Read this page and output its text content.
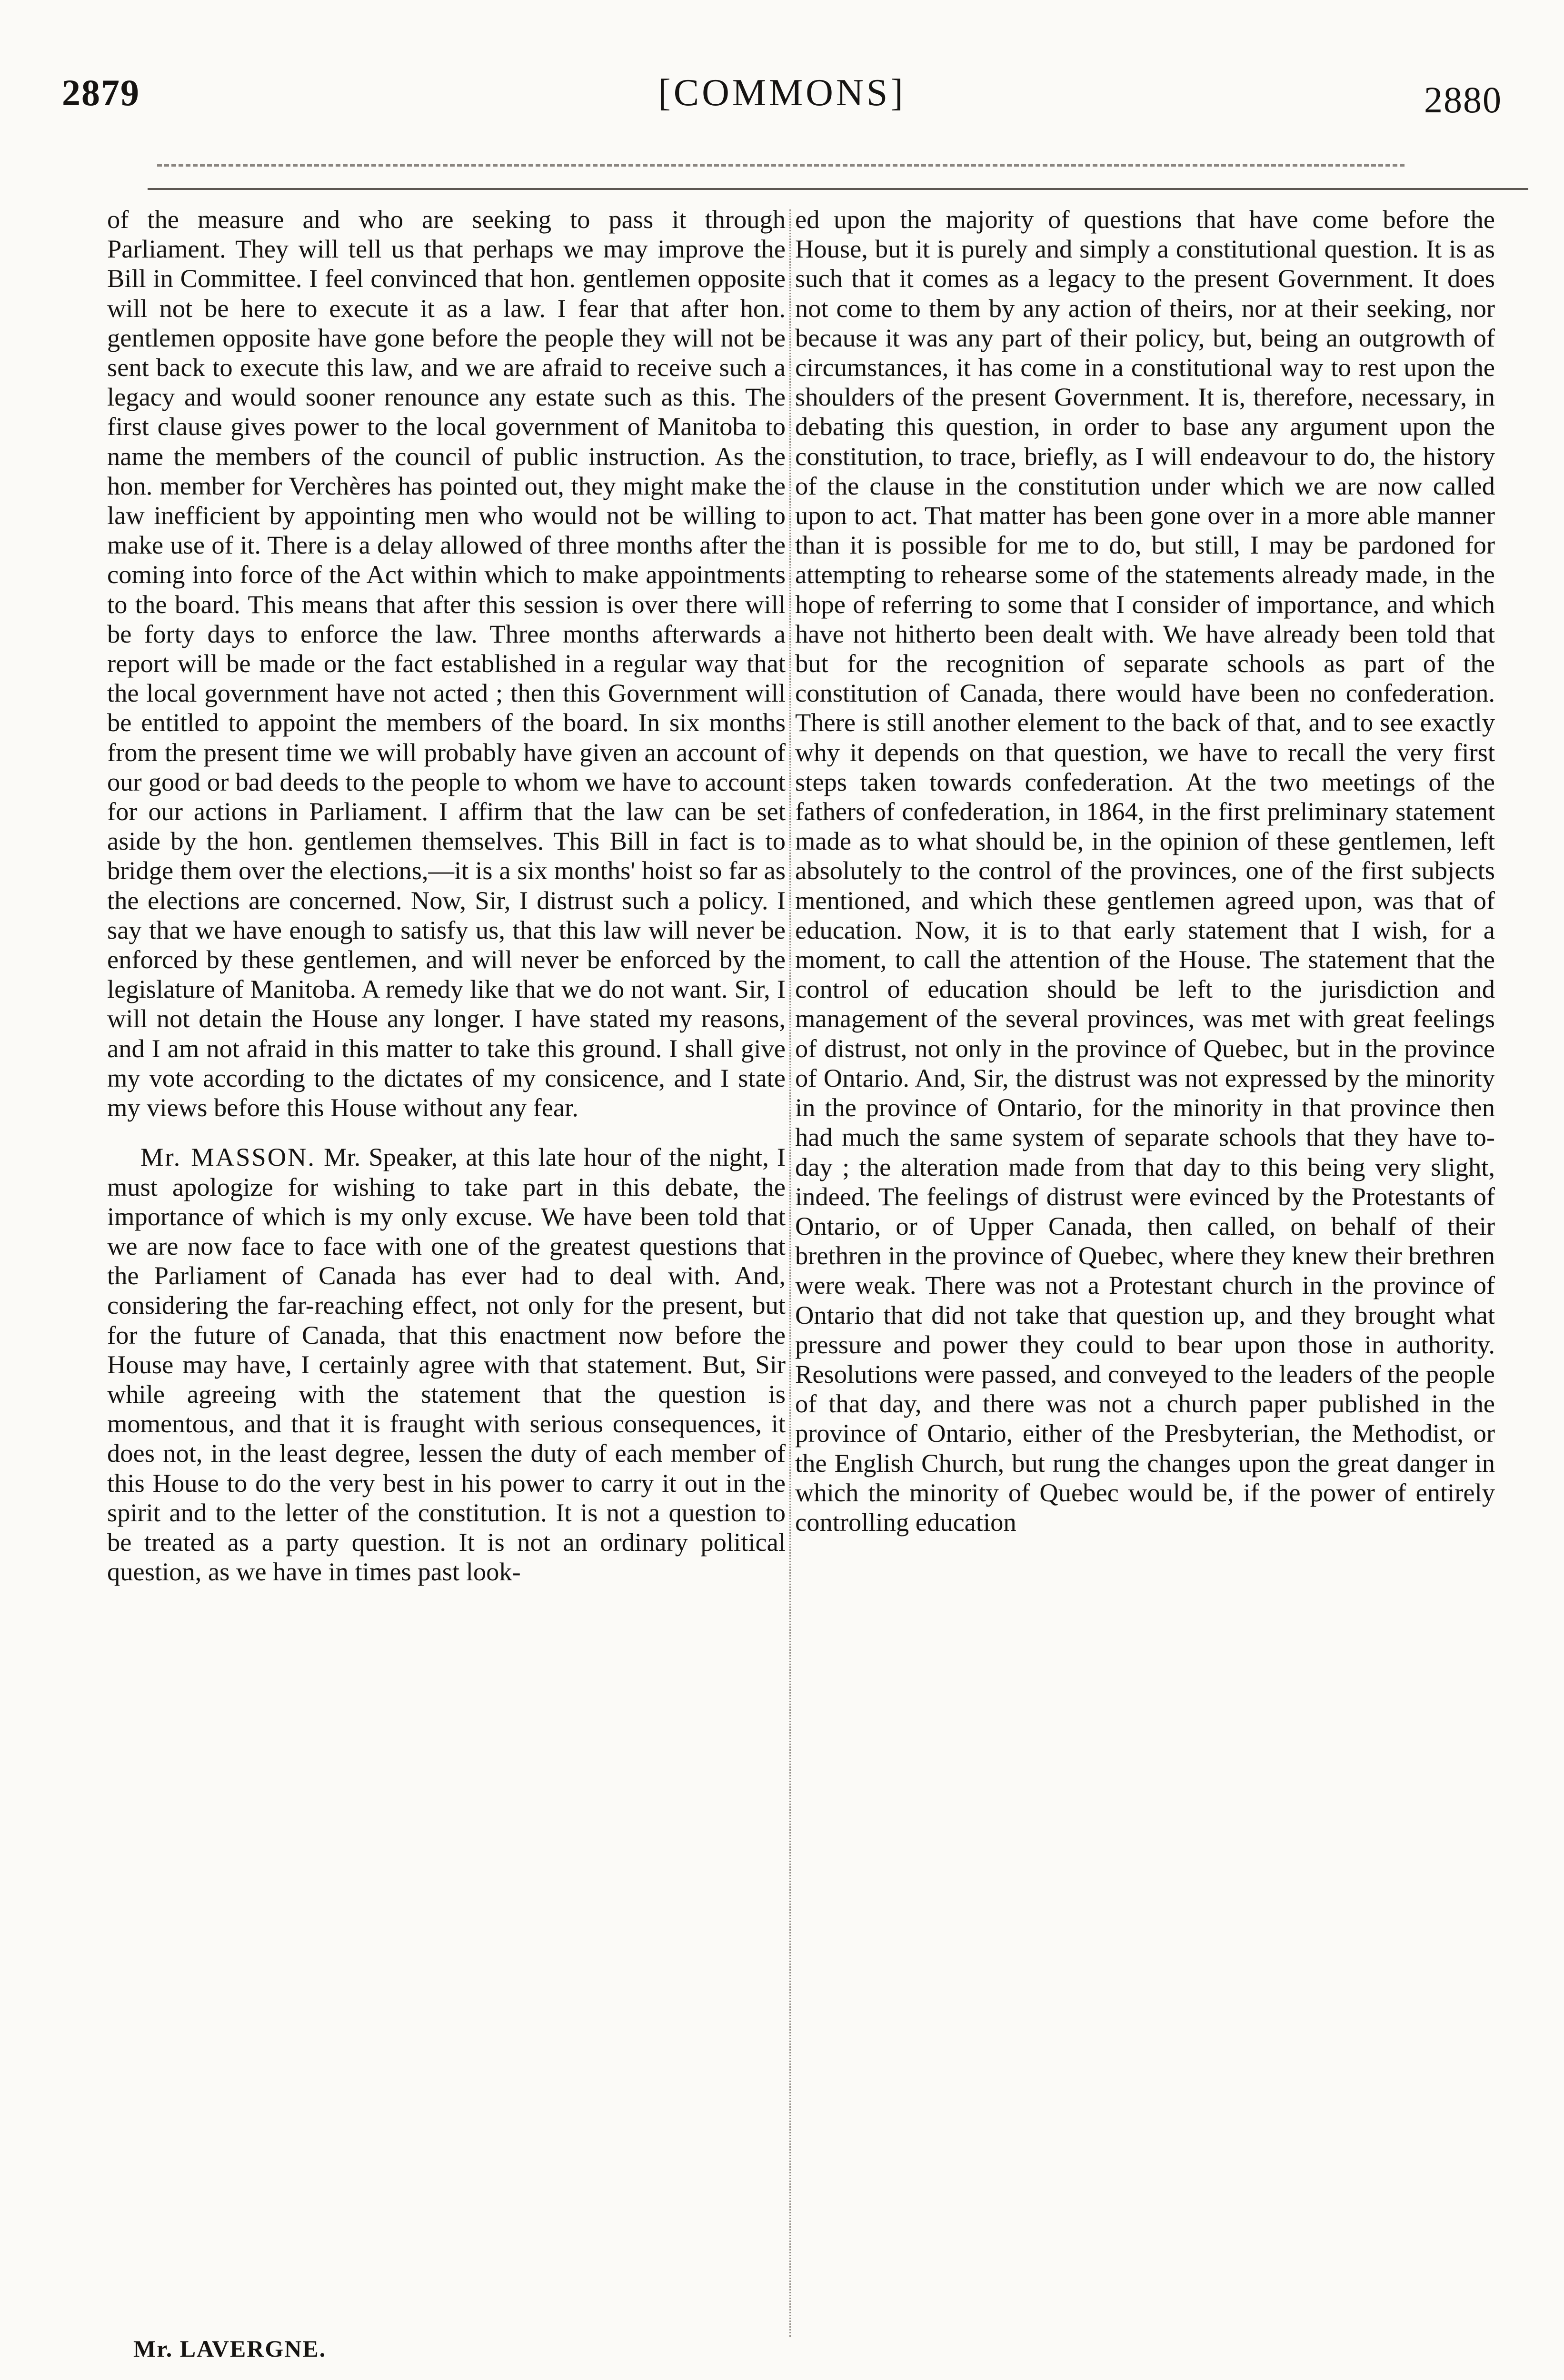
2879	[COMMONS]	2880

of the measure and who are seeking to pass it through Parliament. They will tell us that perhaps we may improve the Bill in Committee. I feel convinced that hon. gentlemen opposite will not be here to execute it as a law. I fear that after hon. gentlemen opposite have gone before the people they will not be sent back to execute this law, and we are afraid to receive such a legacy and would sooner renounce any estate such as this. The first clause gives power to the local government of Manitoba to name the members of the council of public instruction. As the hon. member for Verchères has pointed out, they might make the law inefficient by appointing men who would not be willing to make use of it. There is a delay allowed of three months after the coming into force of the Act within which to make appointments to the board. This means that after this session is over there will be forty days to enforce the law. Three months afterwards a report will be made or the fact established in a regular way that the local government have not acted ; then this Government will be entitled to appoint the members of the board. In six months from the present time we will probably have given an account of our good or bad deeds to the people to whom we have to account for our actions in Parliament. I affirm that the law can be set aside by the hon. gentlemen themselves. This Bill in fact is to bridge them over the elections,—it is a six months' hoist so far as the elections are concerned. Now, Sir, I distrust such a policy. I say that we have enough to satisfy us, that this law will never be enforced by these gentlemen, and will never be enforced by the legislature of Manitoba. A remedy like that we do not want. Sir, I will not detain the House any longer. I have stated my reasons, and I am not afraid in this matter to take this ground. I shall give my vote according to the dictates of my consicence, and I state my views before this House without any fear.

Mr. MASSON. Mr. Speaker, at this late hour of the night, I must apologize for wishing to take part in this debate, the importance of which is my only excuse. We have been told that we are now face to face with one of the greatest questions that the Parliament of Canada has ever had to deal with. And, considering the far-reaching effect, not only for the present, but for the future of Canada, that this enactment now before the House may have, I certainly agree with that statement. But, Sir while agreeing with the statement that the question is momentous, and that it is fraught with serious consequences, it does not, in the least degree, lessen the duty of each member of this House to do the very best in his power to carry it out in the spirit and to the letter of the constitution. It is not a question to be treated as a party question. It is not an ordinary political question, as we have in times past look-

ed upon the majority of questions that have come before the House, but it is purely and simply a constitutional question. It is as such that it comes as a legacy to the present Government. It does not come to them by any action of theirs, nor at their seeking, nor because it was any part of their policy, but, being an outgrowth of circumstances, it has come in a constitutional way to rest upon the shoulders of the present Government. It is, therefore, necessary, in debating this question, in order to base any argument upon the constitution, to trace, briefly, as I will endeavour to do, the history of the clause in the constitution under which we are now called upon to act. That matter has been gone over in a more able manner than it is possible for me to do, but still, I may be pardoned for attempting to rehearse some of the statements already made, in the hope of referring to some that I consider of importance, and which have not hitherto been dealt with. We have already been told that but for the recognition of separate schools as part of the constitution of Canada, there would have been no confederation. There is still another element to the back of that, and to see exactly why it depends on that question, we have to recall the very first steps taken towards confederation. At the two meetings of the fathers of confederation, in 1864, in the first preliminary statement made as to what should be, in the opinion of these gentlemen, left absolutely to the control of the provinces, one of the first subjects mentioned, and which these gentlemen agreed upon, was that of education. Now, it is to that early statement that I wish, for a moment, to call the attention of the House. The statement that the control of education should be left to the jurisdiction and management of the several provinces, was met with great feelings of distrust, not only in the province of Quebec, but in the province of Ontario. And, Sir, the distrust was not expressed by the minority in the province of Ontario, for the minority in that province then had much the same system of separate schools that they have to-day ; the alteration made from that day to this being very slight, indeed. The feelings of distrust were evinced by the Protestants of Ontario, or of Upper Canada, then called, on behalf of their brethren in the province of Quebec, where they knew their brethren were weak. There was not a Protestant church in the province of Ontario that did not take that question up, and they brought what pressure and power they could to bear upon those in authority. Resolutions were passed, and conveyed to the leaders of the people of that day, and there was not a church paper published in the province of Ontario, either of the Presbyterian, the Methodist, or the English Church, but rung the changes upon the great danger in which the minority of Quebec would be, if the power of entirely controlling education

Mr. LAVERGNE.
